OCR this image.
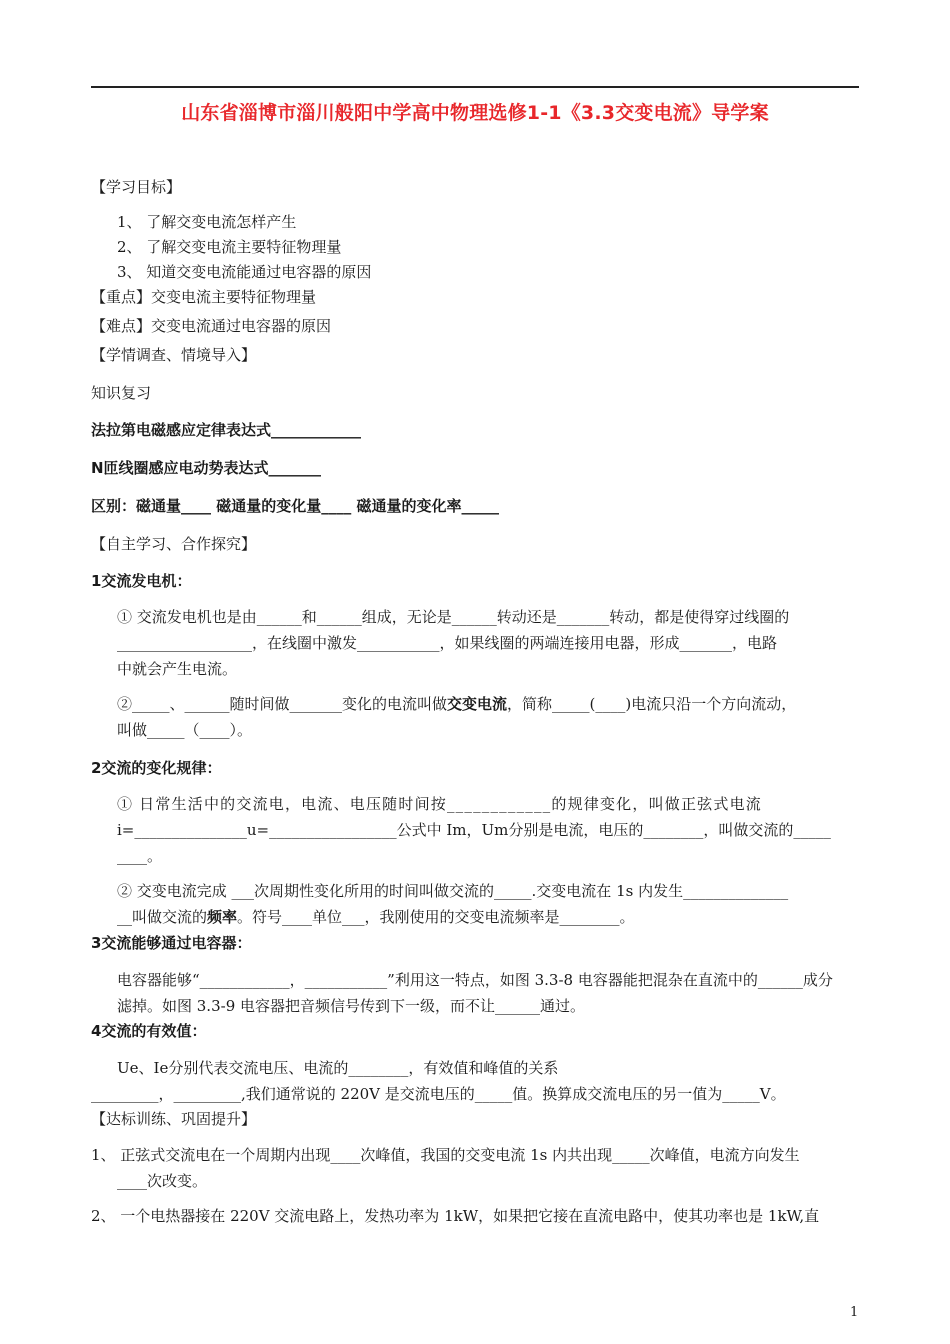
山东省淄博市淄川般阳中学高中物理选修1-1《3.3交变电流》导学案
【学习目标】
1、 了解交变电流怎样产生
2、 了解交变电流主要特征物理量
3、 知道交变电流能通过电容器的原因
【重点】交变电流主要特征物理量
【难点】交变电流通过电容器的原因
【学情调查、情境导入】
知识复习
法拉第电磁感应定律表达式____________
N匝线圈感应电动势表达式_______
区别：磁通量____ 磁通量的变化量____ 磁通量的变化率_____
【自主学习、合作探究】
1交流发电机：
① 交流发电机也是由______和______组成，无论是______转动还是_______转动，都是使得穿过线圈的
__________________，在线圈中激发___________，如果线圈的两端连接用电器，形成_______，电路
中就会产生电流。
②_____、______随时间做_______变化的电流叫做交变电流，简称_____(____)电流只沿一个方向流动，
叫做_____（____）。
2交流的变化规律：
① 日常生活中的交流电，电流、电压随时间按____________的规律变化，叫做正弦式电流
i=_______________u=_________________公式中 Im，Um分别是电流，电压的________，叫做交流的_____
____。
② 交变电流完成 ___次周期性变化所用的时间叫做交流的_____.交变电流在 1s 内发生______________
__叫做交流的频率。符号____单位___，我刚使用的交变电流频率是________。
3交流能够通过电容器：
电容器能够“____________，___________”利用这一特点，如图 3.3-8 电容器能把混杂在直流中的______成分
滤掉。如图 3.3-9 电容器把音频信号传到下一级，而不让______通过。
4交流的有效值：
Ue、Ie分别代表交流电压、电流的________，有效值和峰值的关系
_________，_________,我们通常说的 220V 是交流电压的_____值。换算成交流电压的另一值为_____V。
【达标训练、巩固提升】
1、 正弦式交流电在一个周期内出现____次峰值，我国的交变电流 1s 内共出现_____次峰值，电流方向发生
____次改变。
2、 一个电热器接在 220V 交流电路上，发热功率为 1kW，如果把它接在直流电路中，使其功率也是 1kW,直
1
